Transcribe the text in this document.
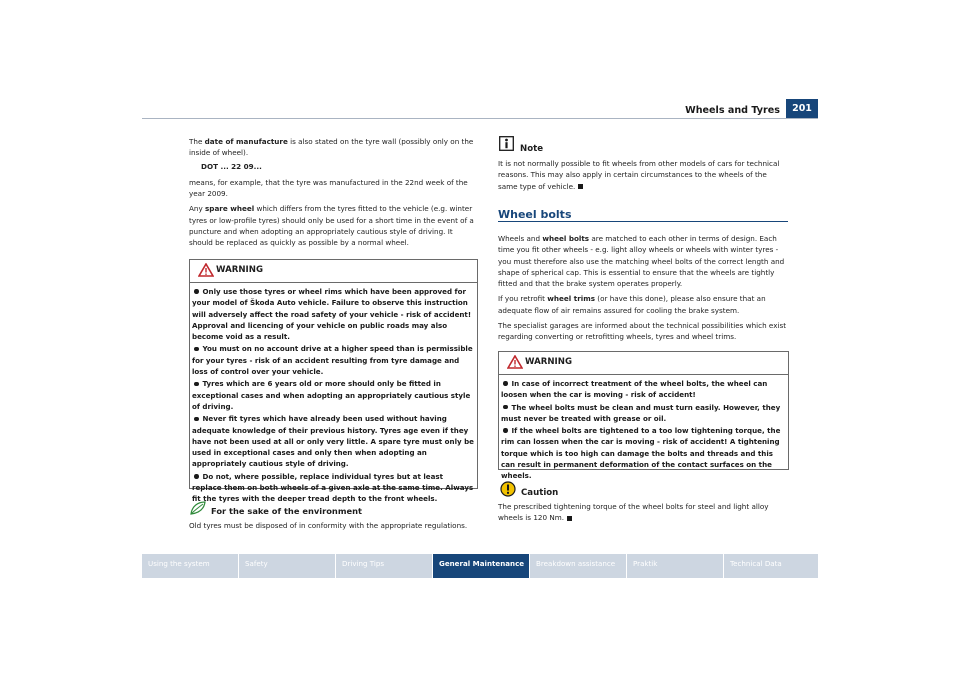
Wheels and Tyres	201

The date of manufacture is also stated on the tyre wall (possibly only on the inside of wheel).

DOT ... 22 09...

means, for example, that the tyre was manufactured in the 22nd week of the year 2009.

Any spare wheel which differs from the tyres fitted to the vehicle (e.g. winter tyres or low-profile tyres) should only be used for a short time in the event of a puncture and when adopting an appropriately cautious style of driving. It should be replaced as quickly as possible by a normal wheel.

WARNING

Only use those tyres or wheel rims which have been approved for your model of Škoda Auto vehicle. Failure to observe this instruction will adversely affect the road safety of your vehicle - risk of accident! Approval and licencing of your vehicle on public roads may also become void as a result.

You must on no account drive at a higher speed than is permissible for your tyres - risk of an accident resulting from tyre damage and loss of control over your vehicle.

Tyres which are 6 years old or more should only be fitted in exceptional cases and when adopting an appropriately cautious style of driving.

Never fit tyres which have already been used without having adequate knowledge of their previous history. Tyres age even if they have not been used at all or only very little. A spare tyre must only be used in exceptional cases and only then when adopting an appropriately cautious style of driving.

Do not, where possible, replace individual tyres but at least replace them on both wheels of a given axle at the same time. Always fit the tyres with the deeper tread depth to the front wheels.

For the sake of the environment

Old tyres must be disposed of in conformity with the appropriate regulations.

Note

It is not normally possible to fit wheels from other models of cars for technical reasons. This may also apply in certain circumstances to the wheels of the same type of vehicle.

Wheel bolts

Wheels and wheel bolts are matched to each other in terms of design. Each time you fit other wheels - e.g. light alloy wheels or wheels with winter tyres - you must therefore also use the matching wheel bolts of the correct length and shape of spherical cap. This is essential to ensure that the wheels are tightly fitted and that the brake system operates properly.

If you retrofit wheel trims (or have this done), please also ensure that an adequate flow of air remains assured for cooling the brake system.

The specialist garages are informed about the technical possibilities which exist regarding converting or retrofitting wheels, tyres and wheel trims.

WARNING

In case of incorrect treatment of the wheel bolts, the wheel can loosen when the car is moving - risk of accident!

The wheel bolts must be clean and must turn easily. However, they must never be treated with grease or oil.

If the wheel bolts are tightened to a too low tightening torque, the rim can lossen when the car is moving - risk of accident! A tightening torque which is too high can damage the bolts and threads and this can result in permanent deformation of the contact surfaces on the wheels.

Caution

The prescribed tightening torque of the wheel bolts for steel and light alloy wheels is 120 Nm.

Using the system	Safety	Driving Tips	General Maintenance	Breakdown assistance	Praktik	Technical Data
